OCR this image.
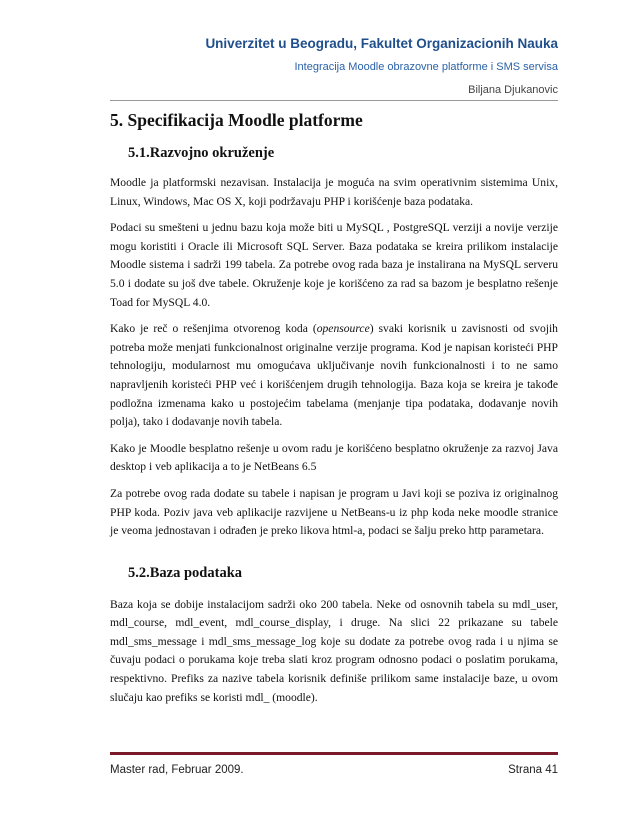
Univerzitet u Beogradu, Fakultet Organizacionih Nauka
Integracija Moodle obrazovne platforme i SMS servisa
Biljana Djukanovic
5. Specifikacija Moodle platforme
5.1.Razvojno okruženje

Moodle ja platformski nezavisan. Instalacija je moguća na svim operativnim sistemima Unix, Linux, Windows, Mac OS X, koji podržavaju PHP i korišćenje baza podataka.

Podaci su smešteni u jednu bazu koja može biti u MySQL , PostgreSQL verziji a novije verzije mogu koristiti i Oracle ili Microsoft SQL Server. Baza podataka se kreira prilikom instalacije Moodle sistema i sadrži 199 tabela. Za potrebe ovog rada baza je instalirana na MySQL serveru 5.0 i dodate su još dve tabele. Okruženje koje je korišćeno za rad sa bazom je besplatno rešenje Toad for MySQL 4.0.

Kako je reč o rešenjima otvorenog koda (opensource) svaki korisnik u zavisnosti od svojih potreba može menjati funkcionalnost originalne verzije programa. Kod je napisan koristeći PHP tehnologiju, modularnost mu omogućava uključivanje novih funkcionalnosti i to ne samo napravljenih koristeći PHP već i korišćenjem drugih tehnologija. Baza koja se kreira je takođe podložna izmenama kako u postojećim tabelama (menjanje tipa podataka, dodavanje novih polja), tako i dodavanje novih tabela.

Kako je Moodle besplatno rešenje u ovom radu je korišćeno besplatno okruženje za razvoj Java desktop i veb aplikacija a to je NetBeans 6.5

Za potrebe ovog rada dodate su tabele i napisan je program u Javi koji se poziva iz originalnog PHP koda. Poziv java veb aplikacije razvijene u NetBeans-u iz php koda neke moodle stranice je veoma jednostavan i odrađen je preko likova html-a, podaci se šalju preko http parametara.

5.2.Baza podataka

Baza koja se dobije instalacijom sadrži oko 200 tabela. Neke od osnovnih tabela su mdl_user, mdl_course, mdl_event, mdl_course_display, i druge. Na slici 22 prikazane su tabele mdl_sms_message i mdl_sms_message_log koje su dodate za potrebe ovog rada i u njima se čuvaju podaci o porukama koje treba slati kroz program odnosno podaci o poslatim porukama, respektivno. Prefiks za nazive tabela korisnik definiše prilikom same instalacije baze, u ovom slučaju kao prefiks se koristi mdl_ (moodle).

Master rad, Februar 2009.	Strana 41
